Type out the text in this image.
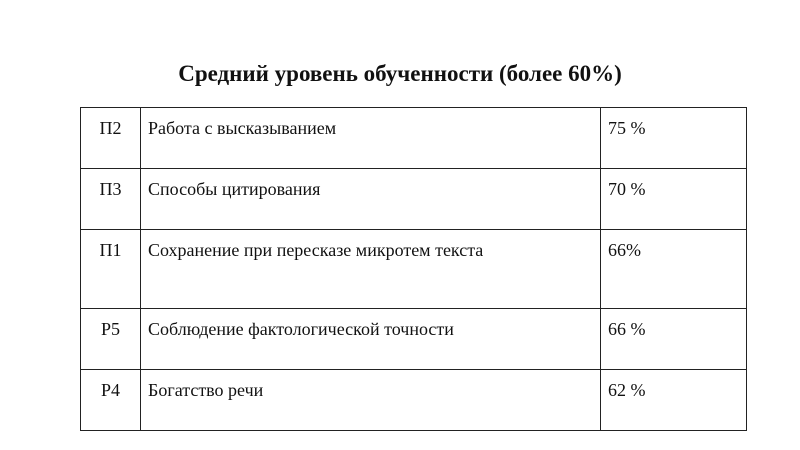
Средний уровень обученности (более 60%)
П2	Работа с высказыванием	75 %
П3	Способы цитирования	70 %
П1	Сохранение при пересказе микротем текста	66%
Р5	Соблюдение фактологической точности	66 %
Р4	Богатство речи	62 %
